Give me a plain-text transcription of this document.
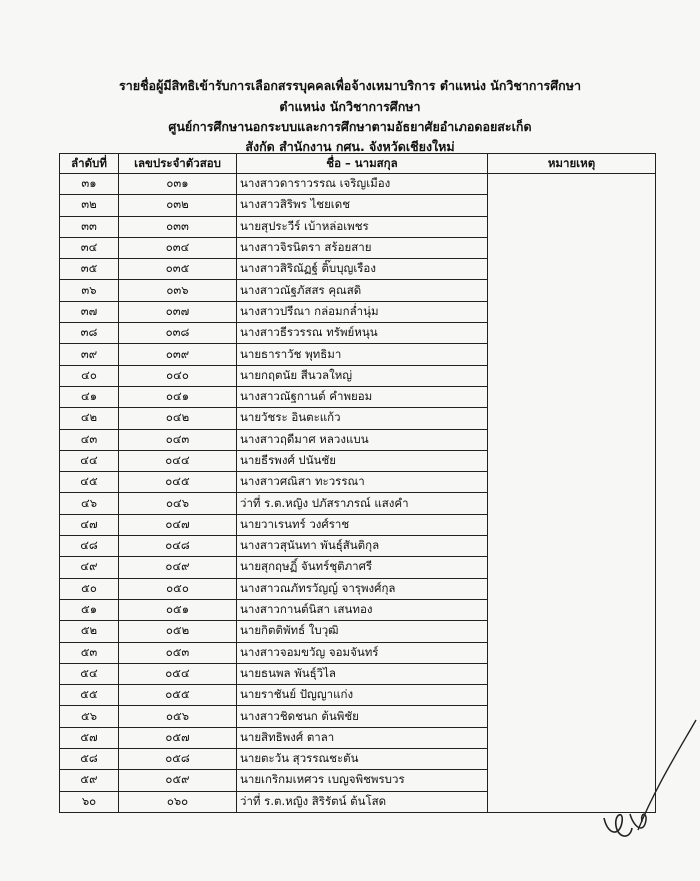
รายชื่อผู้มีสิทธิเข้ารับการเลือกสรรบุคคลเพื่อจ้างเหมาบริการ ตำแหน่ง นักวิชาการศึกษา
ตำแหน่ง นักวิชาการศึกษา
ศูนย์การศึกษานอกระบบและการศึกษาตามอัธยาศัยอำเภอดอยสะเก็ด
สังกัด สำนักงาน กศน. จังหวัดเชียงใหม่
ลำดับที่	เลขประจำตัวสอบ	ชื่อ – นามสกุล	หมายเหตุ
๓๑	๐๓๑	นางสาวดาราวรรณ เจริญเมือง	
๓๒	๐๓๒	นางสาวสิริพร ไชยเดช	
๓๓	๐๓๓	นายสุประวีร์ เบ้าหล่อเพชร	
๓๔	๐๓๔	นางสาวจิรนิตรา สร้อยสาย	
๓๕	๐๓๕	นางสาวสิริณัฏฐ์ ติ๊บบุญเรือง	
๓๖	๐๓๖	นางสาวณัฐภัสสร คุณสดิ	
๓๗	๐๓๗	นางสาวปรีณา กล่อมกล่ำนุ่ม	
๓๘	๐๓๘	นางสาวธีรวรรณ ทรัพย์หนุน	
๓๙	๐๓๙	นายธาราวัช พุทธิมา	
๔๐	๐๔๐	นายกฤตนัย สีนวลใหญ่	
๔๑	๐๔๑	นางสาวณัฐกานต์ คำพยอม	
๔๒	๐๔๒	นายวัชระ อินตะแก้ว	
๔๓	๐๔๓	นางสาวฤดีมาศ หลวงแบน	
๔๔	๐๔๔	นายธีรพงศ์ ปนันชัย	
๔๕	๐๔๕	นางสาวศณิสา ทะวรรณา	
๔๖	๐๔๖	ว่าที่ ร.ต.หญิง ปภัสราภรณ์ แสงคำ	
๔๗	๐๔๗	นายวาเรนทร์ วงศ์ราช	
๔๘	๐๔๘	นางสาวสุนันทา พันธุ์สันติกุล	
๔๙	๐๔๙	นายสุกฤษฏิ์ จันทร์ชุติภาศรี	
๕๐	๐๕๐	นางสาวณภัทรวัญญ์ จารุพงศ์กุล	
๕๑	๐๕๑	นางสาวกานต์นิสา เสนทอง	
๕๒	๐๕๒	นายกิตติพัทธ์ ใบวุฒิ	
๕๓	๐๕๓	นางสาวจอมขวัญ จอมจันทร์	
๕๔	๐๕๔	นายธนพล พันธุ์วิไล	
๕๕	๐๕๕	นายราชันย์ ปัญญาแก่ง	
๕๖	๐๕๖	นางสาวชิดชนก ต้นพิชัย	
๕๗	๐๕๗	นายสิทธิพงศ์ ตาลา	
๕๘	๐๕๘	นายตะวัน สุวรรณชะตัน	
๕๙	๐๕๙	นายเกริกมเหศวร เบญจพิชพรบวร	
๖๐	๐๖๐	ว่าที่ ร.ต.หญิง สิริรัตน์ ต้นโสด	
